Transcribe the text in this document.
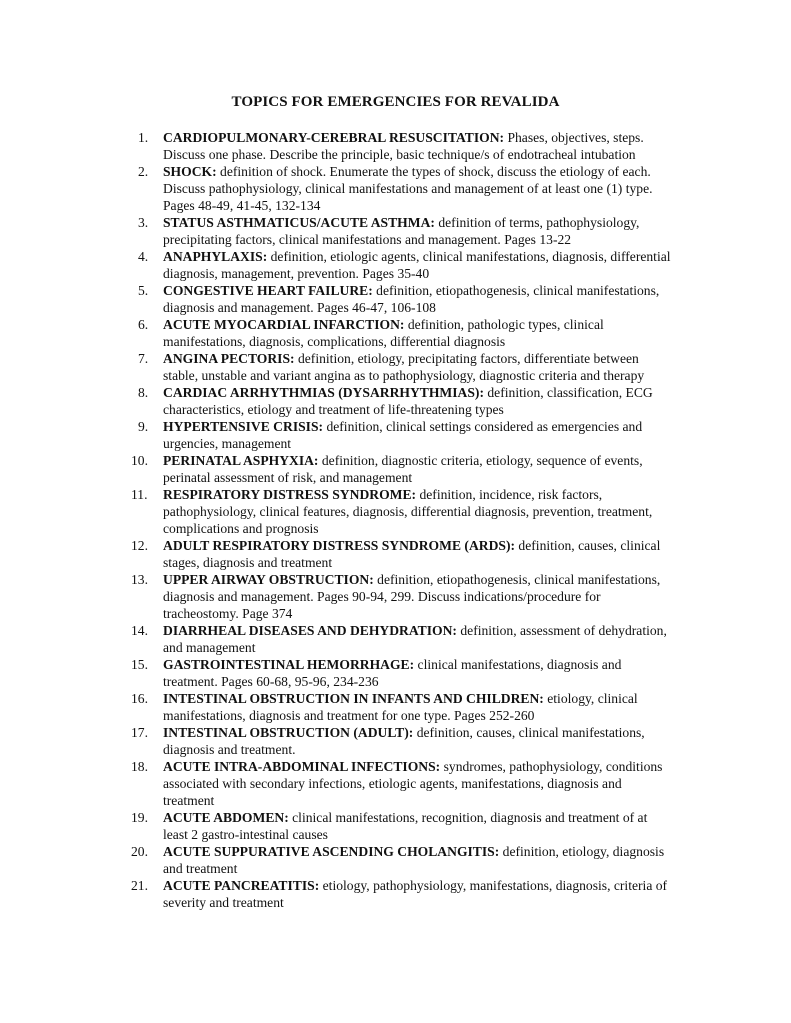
TOPICS FOR EMERGENCIES FOR REVALIDA
1.	CARDIOPULMONARY-CEREBRAL RESUSCITATION: Phases, objectives, steps. Discuss one phase. Describe the principle, basic technique/s of endotracheal intubation
2.	SHOCK: definition of shock. Enumerate the types of shock, discuss the etiology of each. Discuss pathophysiology, clinical manifestations and management of at least one (1) type. Pages 48-49, 41-45, 132-134
3.	STATUS ASTHMATICUS/ACUTE ASTHMA: definition of terms, pathophysiology, precipitating factors, clinical manifestations and management. Pages 13-22
4.	ANAPHYLAXIS: definition, etiologic agents, clinical manifestations, diagnosis, differential diagnosis, management, prevention. Pages 35-40
5.	CONGESTIVE HEART FAILURE: definition, etiopathogenesis, clinical manifestations, diagnosis and management. Pages 46-47, 106-108
6.	ACUTE MYOCARDIAL INFARCTION: definition, pathologic types, clinical manifestations, diagnosis, complications, differential diagnosis
7.	ANGINA PECTORIS: definition, etiology, precipitating factors, differentiate between stable, unstable and variant angina as to pathophysiology, diagnostic criteria and therapy
8.	CARDIAC ARRHYTHMIAS (DYSARRHYTHMIAS): definition, classification, ECG characteristics, etiology and treatment of life-threatening types
9.	HYPERTENSIVE CRISIS: definition, clinical settings considered as emergencies and urgencies, management
10.	PERINATAL ASPHYXIA: definition, diagnostic criteria, etiology, sequence of events, perinatal assessment of risk, and management
11.	RESPIRATORY DISTRESS SYNDROME: definition, incidence, risk factors, pathophysiology, clinical features, diagnosis, differential diagnosis, prevention, treatment, complications and prognosis
12.	ADULT RESPIRATORY DISTRESS SYNDROME (ARDS): definition, causes, clinical stages, diagnosis and treatment
13.	UPPER AIRWAY OBSTRUCTION: definition, etiopathogenesis, clinical manifestations, diagnosis and management. Pages 90-94, 299. Discuss indications/procedure for tracheostomy. Page 374
14.	DIARRHEAL DISEASES AND DEHYDRATION: definition, assessment of dehydration, and management
15.	GASTROINTESTINAL HEMORRHAGE: clinical manifestations, diagnosis and treatment. Pages 60-68, 95-96, 234-236
16.	INTESTINAL OBSTRUCTION IN INFANTS AND CHILDREN: etiology, clinical manifestations, diagnosis and treatment for one type. Pages 252-260
17.	INTESTINAL OBSTRUCTION (ADULT): definition, causes, clinical manifestations, diagnosis and treatment.
18.	ACUTE INTRA-ABDOMINAL INFECTIONS: syndromes, pathophysiology, conditions associated with secondary infections, etiologic agents, manifestations, diagnosis and treatment
19.	ACUTE ABDOMEN: clinical manifestations, recognition, diagnosis and treatment of at least 2 gastro-intestinal causes
20.	ACUTE SUPPURATIVE ASCENDING CHOLANGITIS: definition, etiology, diagnosis and treatment
21.	ACUTE PANCREATITIS: etiology, pathophysiology, manifestations, diagnosis, criteria of severity and treatment
